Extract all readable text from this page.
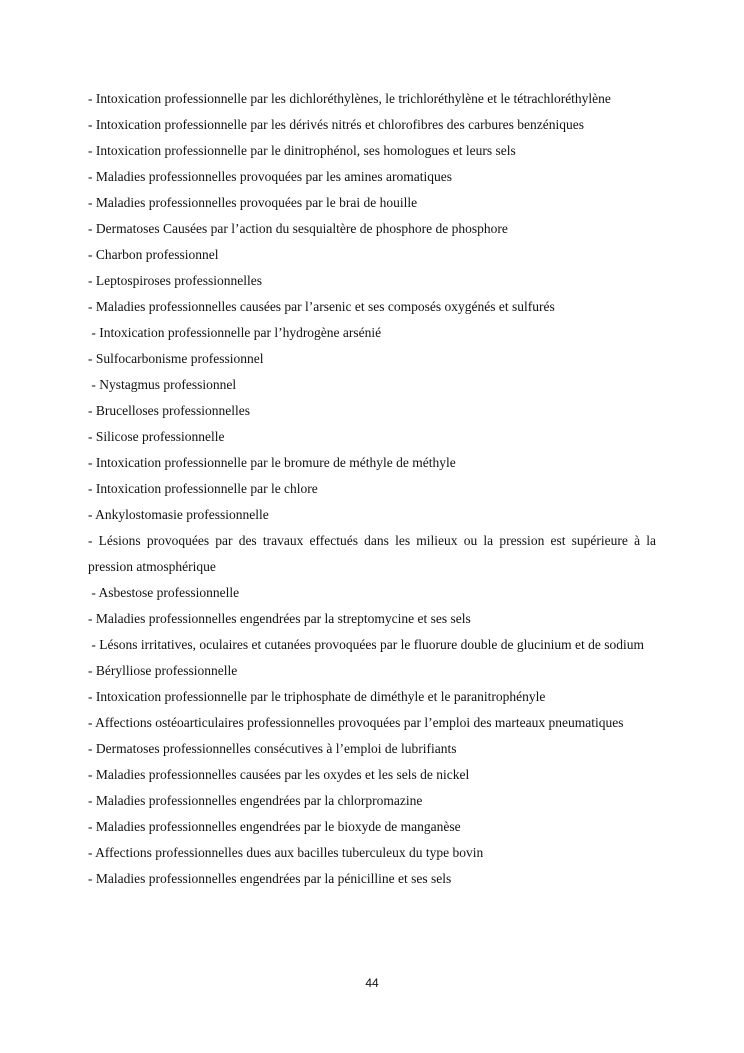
- Intoxication professionnelle par les dichloréthylènes, le trichloréthylène et le tétrachloréthylène

- Intoxication professionnelle par les dérivés nitrés et chlorofibres des carbures benzéniques

- Intoxication professionnelle par le dinitrophénol, ses homologues et leurs sels

- Maladies professionnelles provoquées par les amines aromatiques

- Maladies professionnelles provoquées par le brai de houille

- Dermatoses Causées par l’action du sesquialtère de phosphore de phosphore

- Charbon professionnel

- Leptospiroses professionnelles

- Maladies professionnelles causées par l’arsenic et ses composés oxygénés et sulfurés

- Intoxication professionnelle par l’hydrogène arsénié

- Sulfocarbonisme professionnel

- Nystagmus professionnel

- Brucelloses professionnelles

- Silicose professionnelle

- Intoxication professionnelle par le bromure de méthyle de méthyle

- Intoxication professionnelle par le chlore

- Ankylostomasie professionnelle

- Lésions provoquées par des travaux effectués dans les milieux ou la pression est supérieure à la pression atmosphérique

- Asbestose professionnelle

- Maladies professionnelles engendrées par la streptomycine et ses sels

- Lésons irritatives, oculaires et cutanées provoquées par le fluorure double de glucinium et de sodium

- Bérylliose professionnelle

- Intoxication professionnelle par le triphosphate de diméthyle et le paranitrophényle

- Affections ostéoarticulaires professionnelles provoquées par l’emploi des marteaux pneumatiques

- Dermatoses professionnelles consécutives à l’emploi de lubrifiants

- Maladies professionnelles causées par les oxydes et les sels de nickel

- Maladies professionnelles engendrées par la chlorpromazine

- Maladies professionnelles engendrées par le bioxyde de manganèse

- Affections professionnelles dues aux bacilles tuberculeux du type bovin

- Maladies professionnelles engendrées par la pénicilline et ses sels

44
